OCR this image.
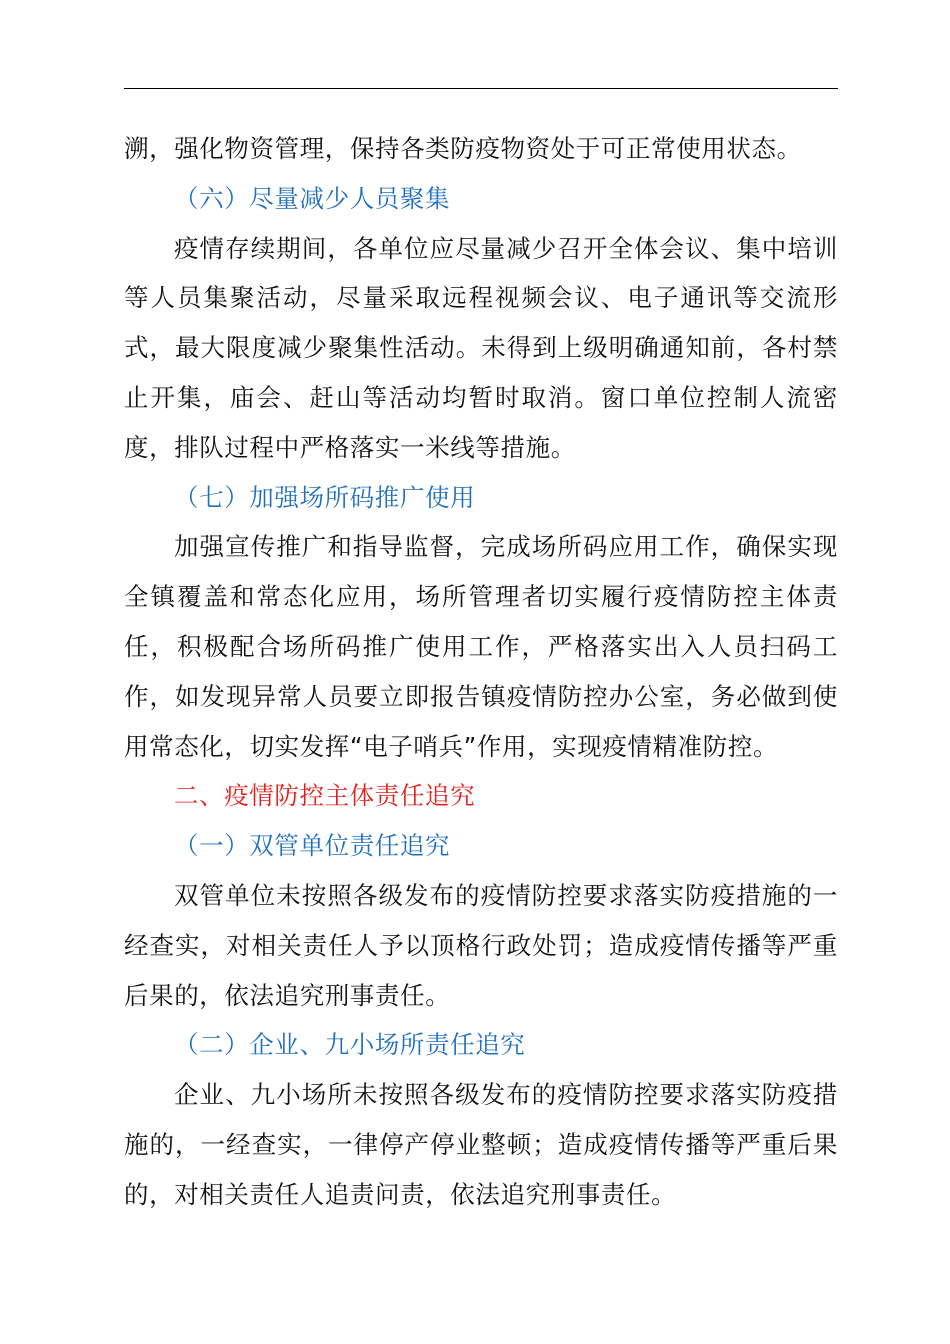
溯，强化物资管理，保持各类防疫物资处于可正常使用状态。

（六）尽量减少人员聚集

疫情存续期间，各单位应尽量减少召开全体会议、集中培训等人员集聚活动，尽量采取远程视频会议、电子通讯等交流形式，最大限度减少聚集性活动。未得到上级明确通知前，各村禁止开集，庙会、赶山等活动均暂时取消。窗口单位控制人流密度，排队过程中严格落实一米线等措施。

（七）加强场所码推广使用

加强宣传推广和指导监督，完成场所码应用工作，确保实现全镇覆盖和常态化应用，场所管理者切实履行疫情防控主体责任，积极配合场所码推广使用工作，严格落实出入人员扫码工作，如发现异常人员要立即报告镇疫情防控办公室，务必做到使用常态化，切实发挥“电子哨兵”作用，实现疫情精准防控。

二、疫情防控主体责任追究

（一）双管单位责任追究

双管单位未按照各级发布的疫情防控要求落实防疫措施的一经查实，对相关责任人予以顶格行政处罚；造成疫情传播等严重后果的，依法追究刑事责任。

（二）企业、九小场所责任追究

企业、九小场所未按照各级发布的疫情防控要求落实防疫措施的，一经查实，一律停产停业整顿；造成疫情传播等严重后果的，对相关责任人追责问责，依法追究刑事责任。
